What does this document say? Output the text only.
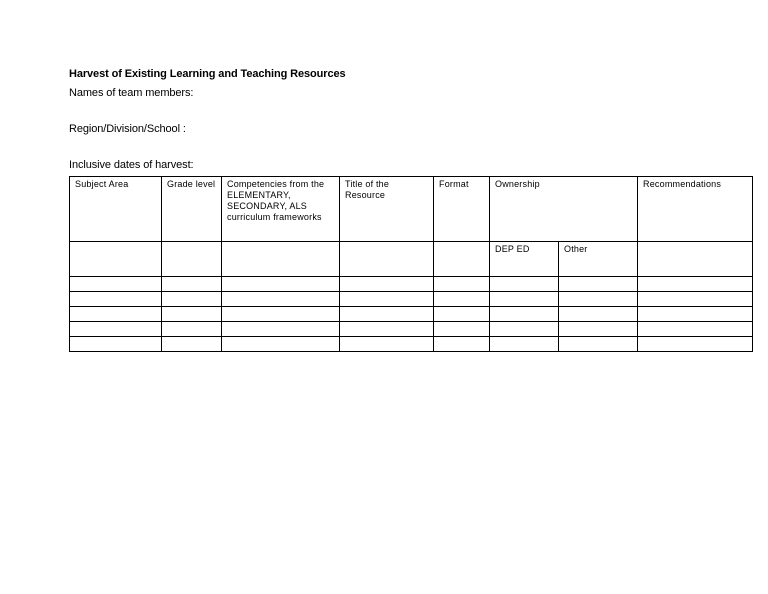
Harvest of Existing Learning and Teaching Resources
Names of team members:
Region/Division/School :
Inclusive dates of harvest:
Subject Area	Grade level	Competencies from the ELEMENTARY, SECONDARY, ALS curriculum frameworks	Title of the Resource	Format	Ownership		Recommendations
					DEP ED	Other	
